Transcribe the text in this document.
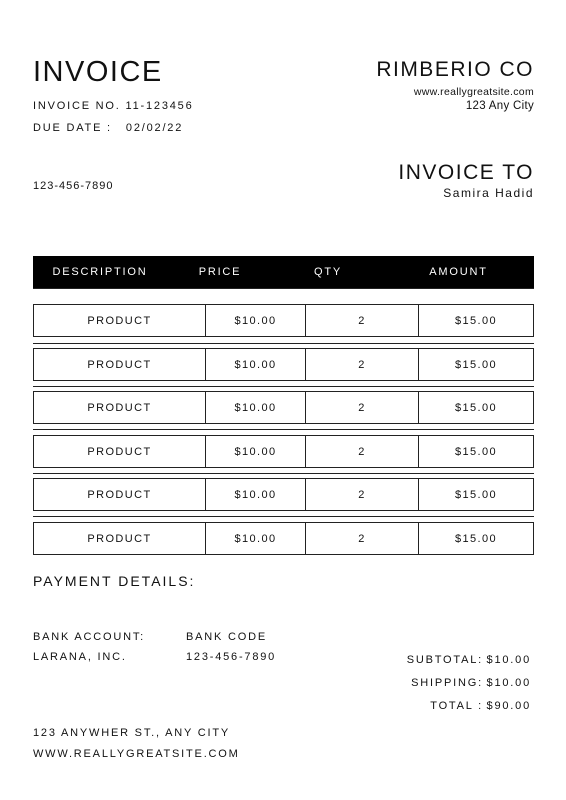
INVOICE
INVOICE NO. 11-123456
DUE DATE : 02/02/22
123-456-7890
RIMBERIO CO
www.reallygreatsite.com
123 Any City
INVOICE TO
Samira Hadid
DESCRIPTION	PRICE	QTY	AMOUNT
PRODUCT	$10.00	2	$15.00
PRODUCT	$10.00	2	$15.00
PRODUCT	$10.00	2	$15.00
PRODUCT	$10.00	2	$15.00
PRODUCT	$10.00	2	$15.00
PRODUCT	$10.00	2	$15.00
PAYMENT DETAILS:
BANK ACCOUNT:	BANK CODE
LARANA, INC.	123-456-7890	SUBTOTAL: $10.00
SHIPPING: $10.00
TOTAL : $90.00
123 ANYWHER ST., ANY CITY
WWW.REALLYGREATSITE.COM
